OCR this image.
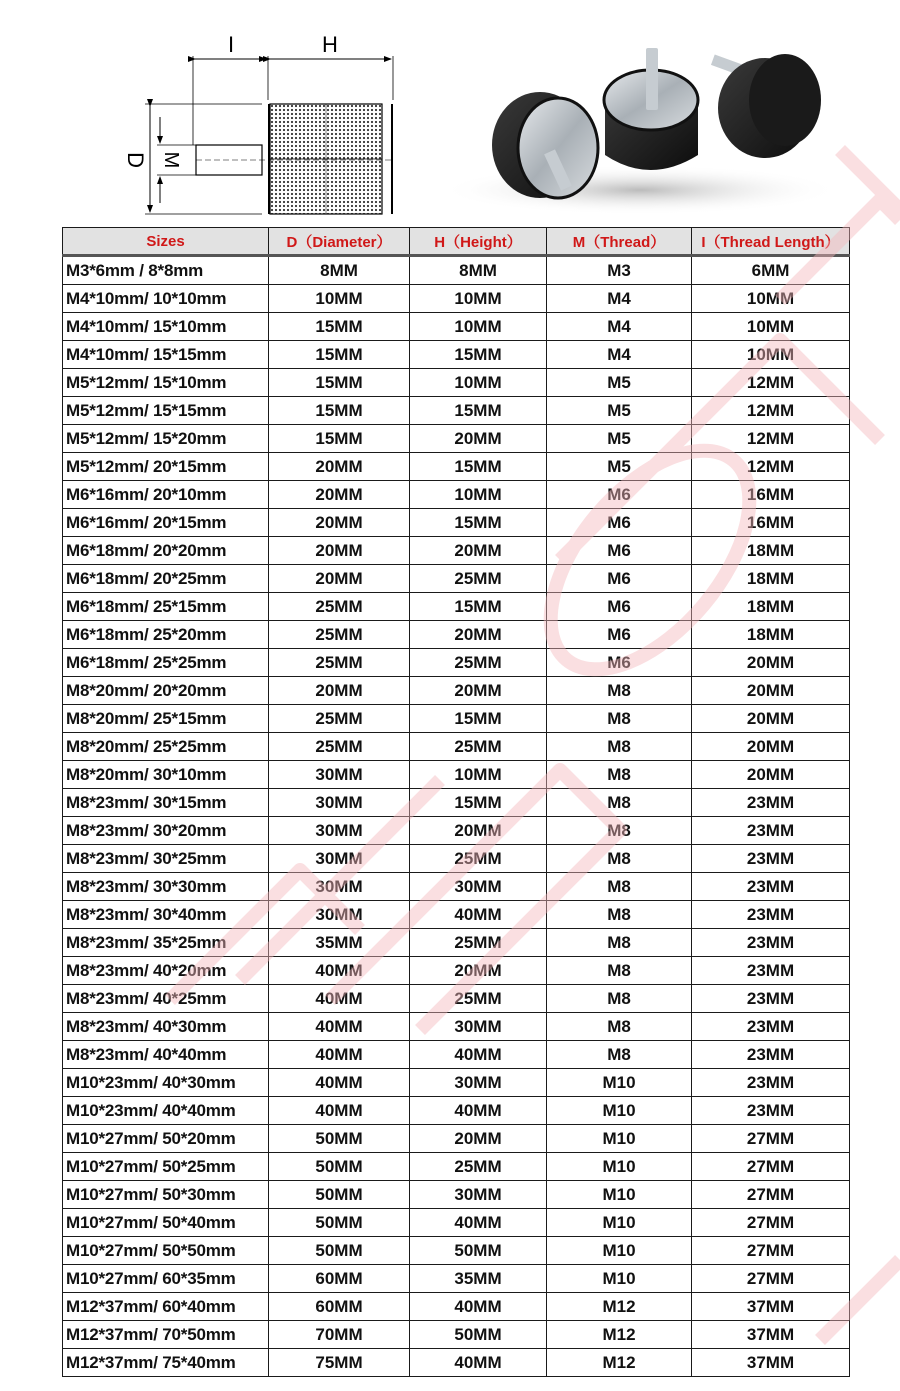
I	H
D M
Sizes	D（Diameter）	H（Height）	M（Thread）	I（Thread Length）
M3*6mm / 8*8mm	8MM	8MM	M3	6MM
M4*10mm/ 10*10mm	10MM	10MM	M4	10MM
M4*10mm/ 15*10mm	15MM	10MM	M4	10MM
M4*10mm/ 15*15mm	15MM	15MM	M4	10MM
M5*12mm/ 15*10mm	15MM	10MM	M5	12MM
M5*12mm/ 15*15mm	15MM	15MM	M5	12MM
M5*12mm/ 15*20mm	15MM	20MM	M5	12MM
M5*12mm/ 20*15mm	20MM	15MM	M5	12MM
M6*16mm/ 20*10mm	20MM	10MM	M6	16MM
M6*16mm/ 20*15mm	20MM	15MM	M6	16MM
M6*18mm/ 20*20mm	20MM	20MM	M6	18MM
M6*18mm/ 20*25mm	20MM	25MM	M6	18MM
M6*18mm/ 25*15mm	25MM	15MM	M6	18MM
M6*18mm/ 25*20mm	25MM	20MM	M6	18MM
M6*18mm/ 25*25mm	25MM	25MM	M6	20MM
M8*20mm/ 20*20mm	20MM	20MM	M8	20MM
M8*20mm/ 25*15mm	25MM	15MM	M8	20MM
M8*20mm/ 25*25mm	25MM	25MM	M8	20MM
M8*20mm/ 30*10mm	30MM	10MM	M8	20MM
M8*23mm/ 30*15mm	30MM	15MM	M8	23MM
M8*23mm/ 30*20mm	30MM	20MM	M8	23MM
M8*23mm/ 30*25mm	30MM	25MM	M8	23MM
M8*23mm/ 30*30mm	30MM	30MM	M8	23MM
M8*23mm/ 30*40mm	30MM	40MM	M8	23MM
M8*23mm/ 35*25mm	35MM	25MM	M8	23MM
M8*23mm/ 40*20mm	40MM	20MM	M8	23MM
M8*23mm/ 40*25mm	40MM	25MM	M8	23MM
M8*23mm/ 40*30mm	40MM	30MM	M8	23MM
M8*23mm/ 40*40mm	40MM	40MM	M8	23MM
M10*23mm/ 40*30mm	40MM	30MM	M10	23MM
M10*23mm/ 40*40mm	40MM	40MM	M10	23MM
M10*27mm/ 50*20mm	50MM	20MM	M10	27MM
M10*27mm/ 50*25mm	50MM	25MM	M10	27MM
M10*27mm/ 50*30mm	50MM	30MM	M10	27MM
M10*27mm/ 50*40mm	50MM	40MM	M10	27MM
M10*27mm/ 50*50mm	50MM	50MM	M10	27MM
M10*27mm/ 60*35mm	60MM	35MM	M10	27MM
M12*37mm/ 60*40mm	60MM	40MM	M12	37MM
M12*37mm/ 70*50mm	70MM	50MM	M12	37MM
M12*37mm/ 75*40mm	75MM	40MM	M12	37MM
